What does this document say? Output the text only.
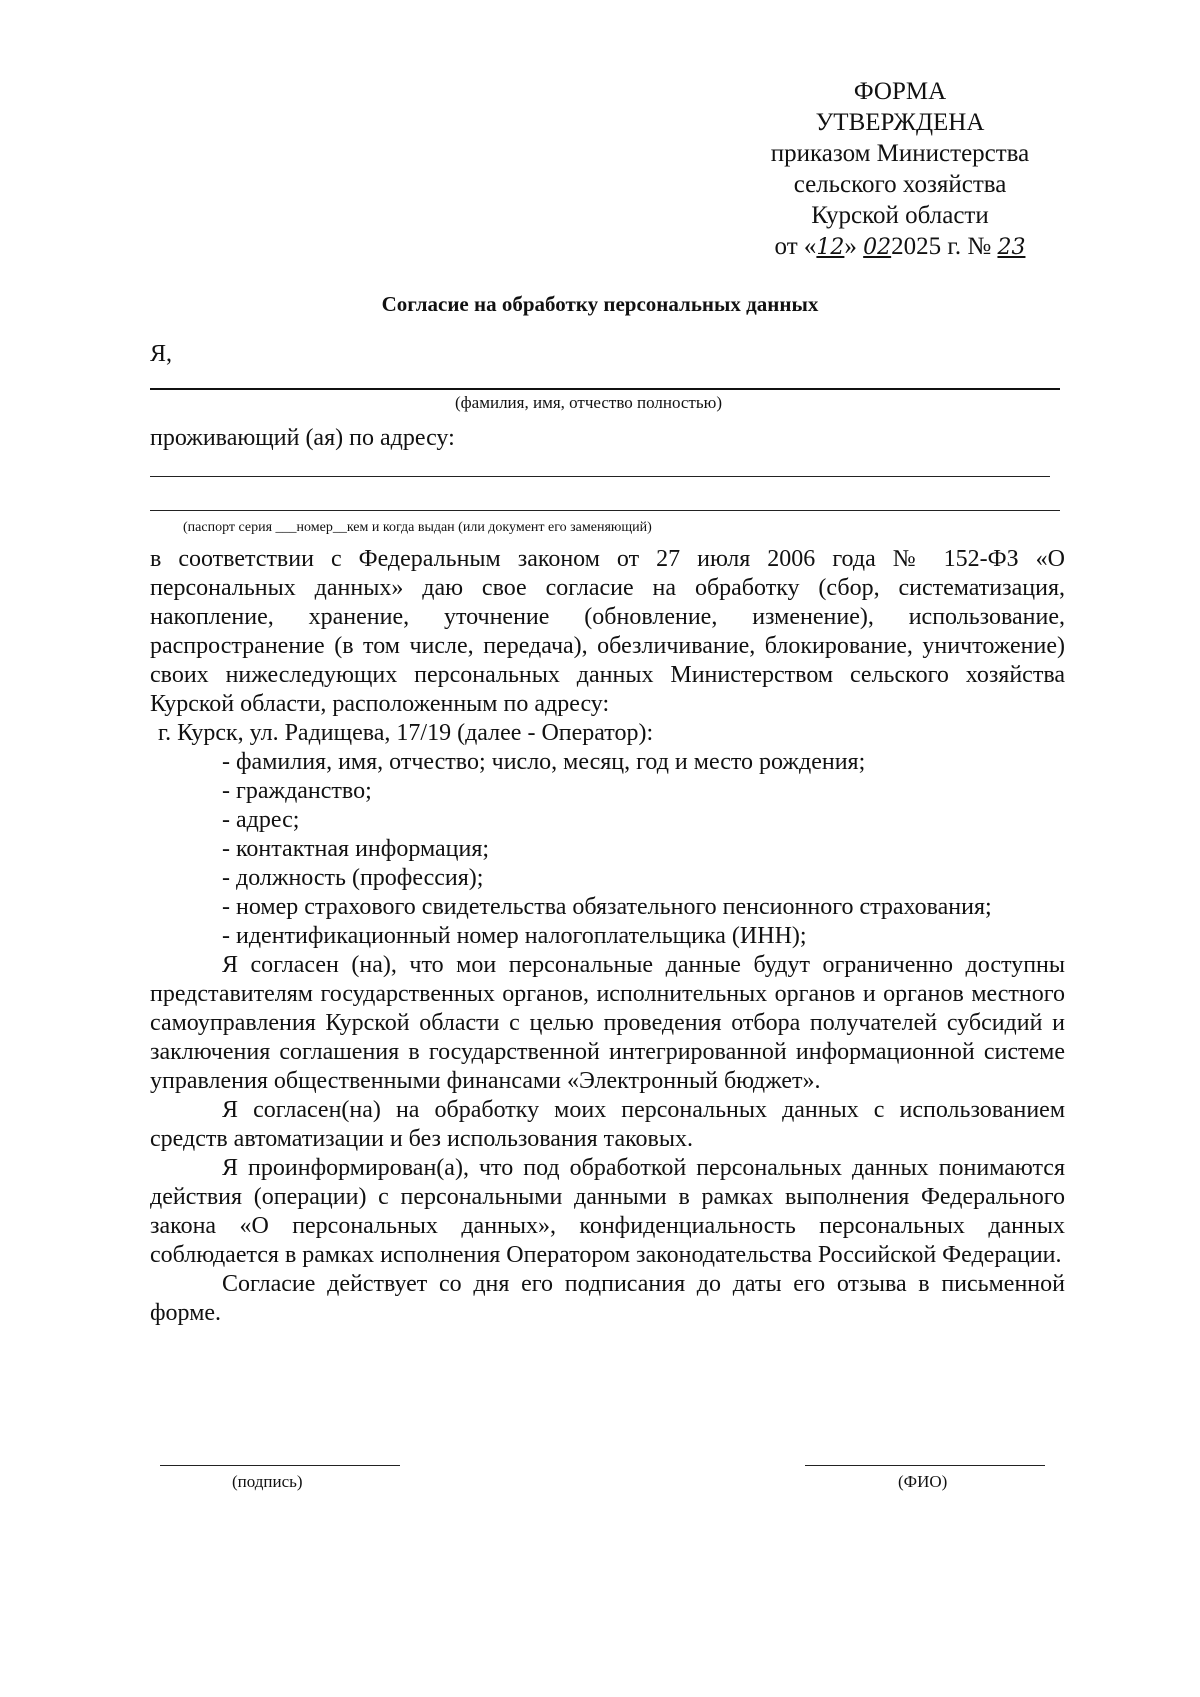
ФОРМА
УТВЕРЖДЕНА
приказом Министерства
сельского хозяйства
Курской области
от «12» 022025 г. № 23
Согласие на обработку персональных данных
Я,
(фамилия, имя, отчество полностью)
проживающий (ая) по адресу:
(паспорт серия ___номер__кем и когда выдан (или документ его заменяющий)

в соответствии с Федеральным законом от 27 июля 2006 года № 152-ФЗ «О персональных данных» даю свое согласие на обработку (сбор, систематизация, накопление, хранение, уточнение (обновление, изменение), использование, распространение (в том числе, передача), обезличивание, блокирование, уничтожение) своих нижеследующих персональных данных Министерством сельского хозяйства Курской области, расположенным по адресу:

г. Курск, ул. Радищева, 17/19 (далее - Оператор):

- фамилия, имя, отчество; число, месяц, год и место рождения;
- гражданство;
- адрес;
- контактная информация;
- должность (профессия);
- номер страхового свидетельства обязательного пенсионного страхования;
- идентификационный номер налогоплательщика (ИНН);

Я согласен (на), что мои персональные данные будут ограниченно доступны представителям государственных органов, исполнительных органов и органов местного самоуправления Курской области с целью проведения отбора получателей субсидий и заключения соглашения в государственной интегрированной информационной системе управления общественными финансами «Электронный бюджет».

Я согласен(на) на обработку моих персональных данных с использованием средств автоматизации и без использования таковых.

Я проинформирован(а), что под обработкой персональных данных понимаются действия (операции) с персональными данными в рамках выполнения Федерального закона «О персональных данных», конфиденциальность персональных данных соблюдается в рамках исполнения Оператором законодательства Российской Федерации.

Согласие действует со дня его подписания до даты его отзыва в письменной форме.

(подпись)	(ФИО)
